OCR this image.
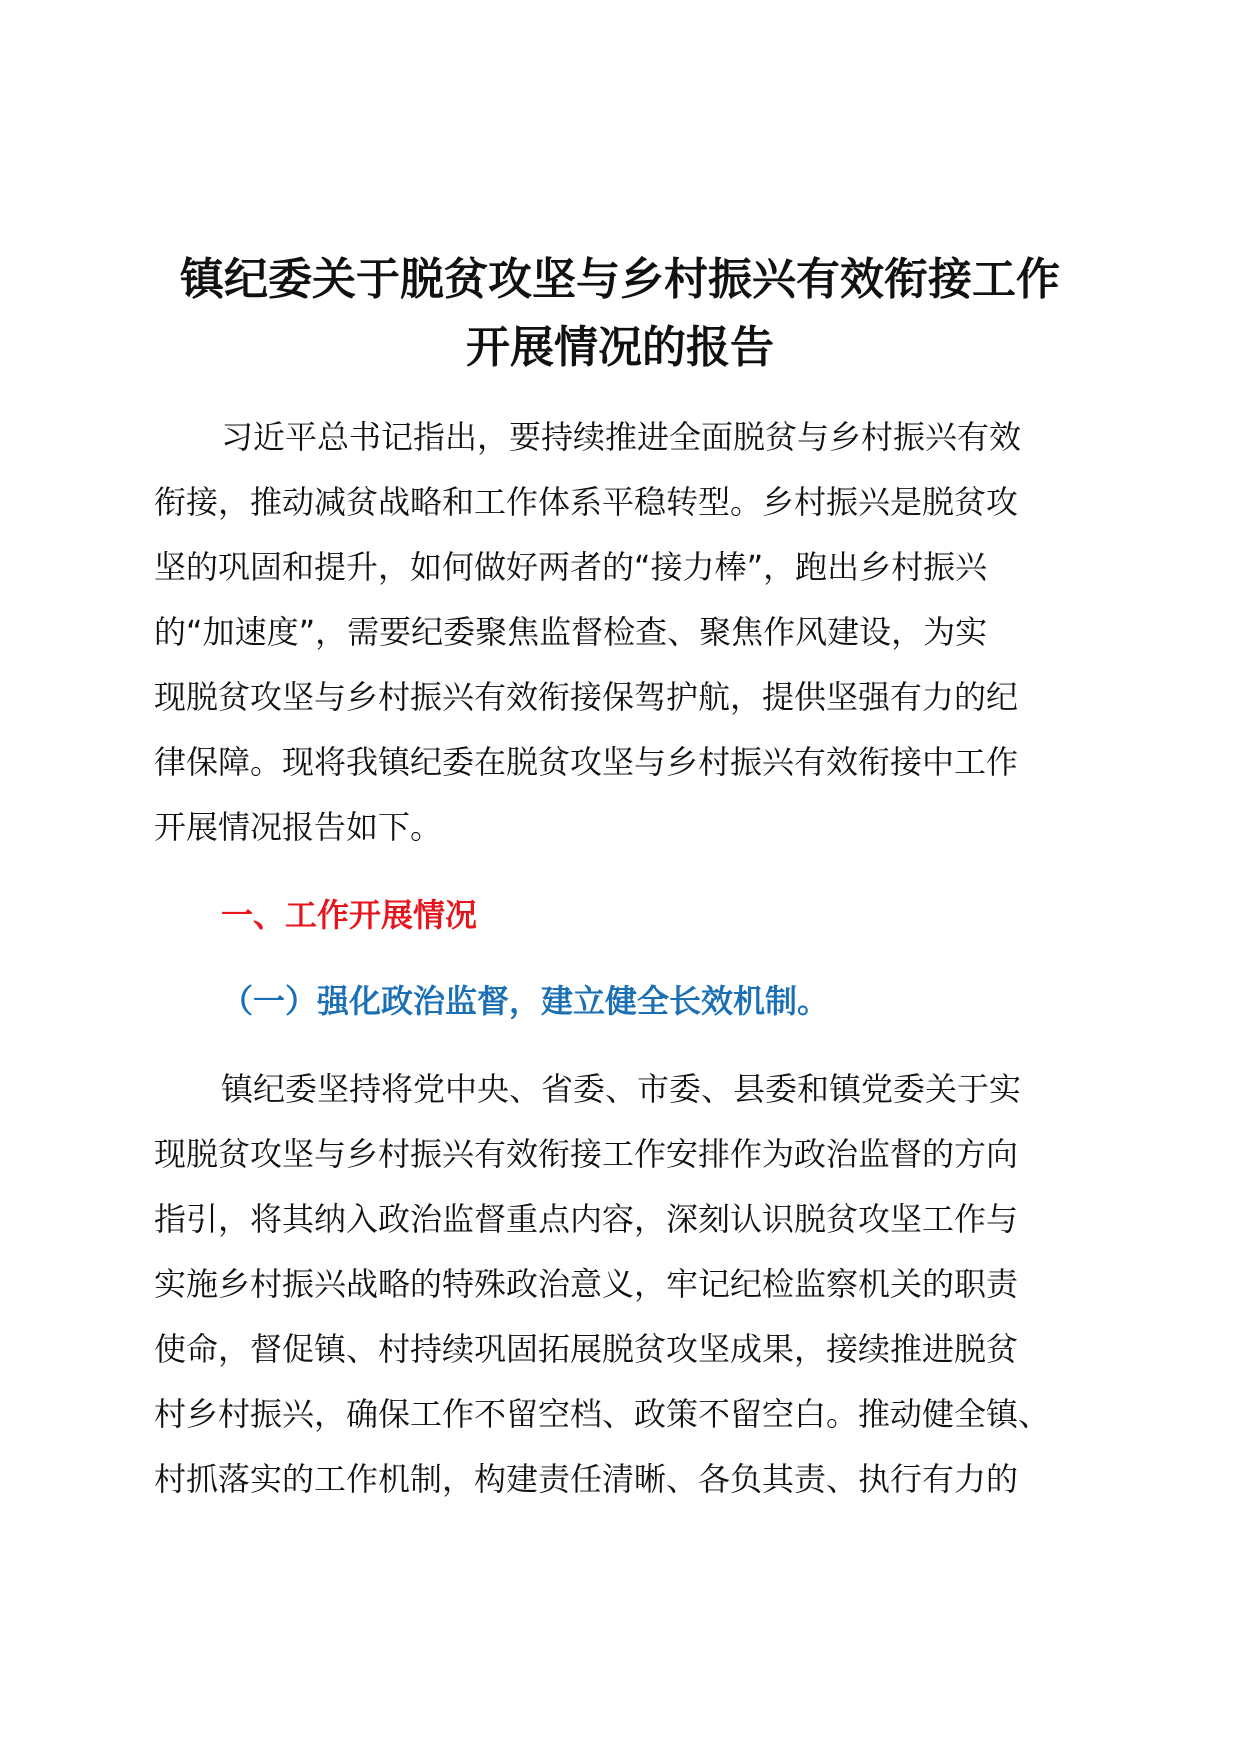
镇纪委关于脱贫攻坚与乡村振兴有效衔接工作
开展情况的报告

习近平总书记指出，要持续推进全面脱贫与乡村振兴有效
衔接，推动减贫战略和工作体系平稳转型。乡村振兴是脱贫攻
坚的巩固和提升，如何做好两者的“接力棒”，跑出乡村振兴
的“加速度”，需要纪委聚焦监督检查、聚焦作风建设，为实
现脱贫攻坚与乡村振兴有效衔接保驾护航，提供坚强有力的纪
律保障。现将我镇纪委在脱贫攻坚与乡村振兴有效衔接中工作
开展情况报告如下。

一、工作开展情况
（一）强化政治监督，建立健全长效机制。

镇纪委坚持将党中央、省委、市委、县委和镇党委关于实
现脱贫攻坚与乡村振兴有效衔接工作安排作为政治监督的方向
指引，将其纳入政治监督重点内容，深刻认识脱贫攻坚工作与
实施乡村振兴战略的特殊政治意义，牢记纪检监察机关的职责
使命，督促镇、村持续巩固拓展脱贫攻坚成果，接续推进脱贫
村乡村振兴，确保工作不留空档、政策不留空白。推动健全镇、
村抓落实的工作机制，构建责任清晰、各负其责、执行有力的
